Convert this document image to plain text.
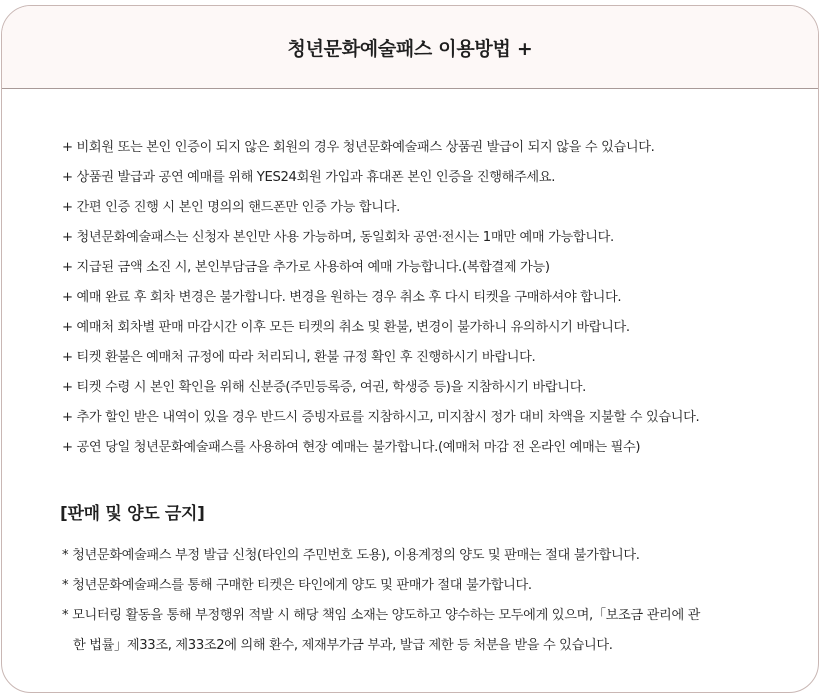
청년문화예술패스 이용방법 +
+ 비회원 또는 본인 인증이 되지 않은 회원의 경우 청년문화예술패스 상품권 발급이 되지 않을 수 있습니다.
+ 상품권 발급과 공연 예매를 위해 YES24회원 가입과 휴대폰 본인 인증을 진행해주세요.
+ 간편 인증 진행 시 본인 명의의 핸드폰만 인증 가능 합니다.
+ 청년문화예술패스는 신청자 본인만 사용 가능하며, 동일회차 공연·전시는 1매만 예매 가능합니다.
+ 지급된 금액 소진 시, 본인부담금을 추가로 사용하여 예매 가능합니다.(복합결제 가능)
+ 예매 완료 후 회차 변경은 불가합니다. 변경을 원하는 경우 취소 후 다시 티켓을 구매하셔야 합니다.
+ 예매처 회차별 판매 마감시간 이후 모든 티켓의 취소 및 환불, 변경이 불가하니 유의하시기 바랍니다.
+ 티켓 환불은 예매처 규정에 따라 처리되니, 환불 규정 확인 후 진행하시기 바랍니다.
+ 티켓 수령 시 본인 확인을 위해 신분증(주민등록증, 여권, 학생증 등)을 지참하시기 바랍니다.
+ 추가 할인 받은 내역이 있을 경우 반드시 증빙자료를 지참하시고, 미지참시 정가 대비 차액을 지불할 수 있습니다.
+ 공연 당일 청년문화예술패스를 사용하여 현장 예매는 불가합니다.(예매처 마감 전 온라인 예매는 필수)
[판매 및 양도 금지]
* 청년문화예술패스 부정 발급 신청(타인의 주민번호 도용), 이용계정의 양도 및 판매는 절대 불가합니다.
* 청년문화예술패스를 통해 구매한 티켓은 타인에게 양도 및 판매가 절대 불가합니다.
* 모니터링 활동을 통해 부정행위 적발 시 해당 책임 소재는 양도하고 양수하는 모두에게 있으며,「보조금 관리에 관
한 법률」제33조, 제33조2에 의해 환수, 제재부가금 부과, 발급 제한 등 처분을 받을 수 있습니다.
